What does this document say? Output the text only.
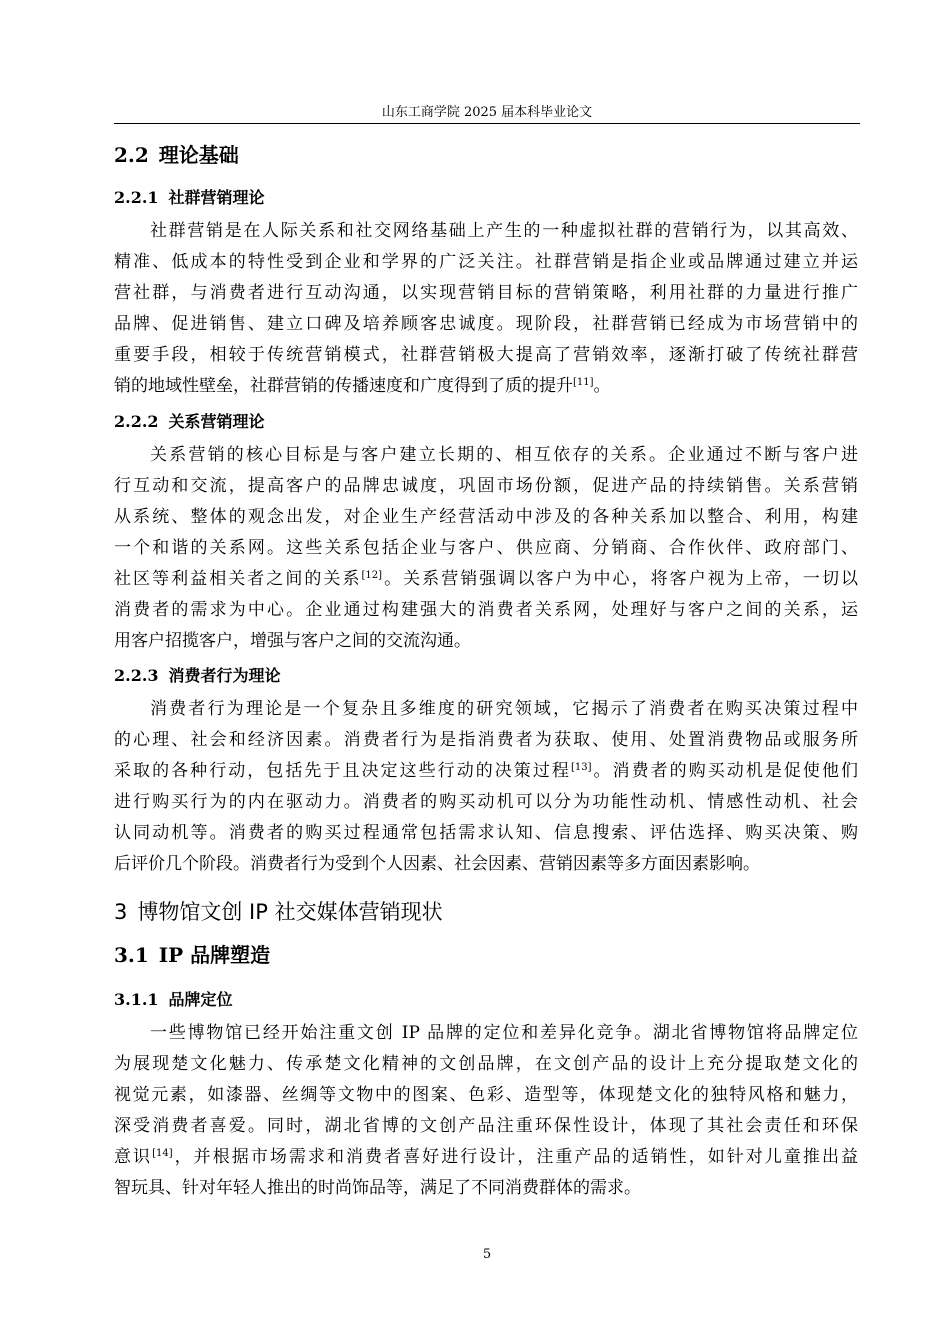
山东工商学院 2025 届本科毕业论文
2.2 理论基础
2.2.1 社群营销理论
社群营销是在人际关系和社交网络基础上产生的一种虚拟社群的营销行为，以其高效、
精准、低成本的特性受到企业和学界的广泛关注。社群营销是指企业或品牌通过建立并运
营社群，与消费者进行互动沟通，以实现营销目标的营销策略，利用社群的力量进行推广
品牌、促进销售、建立口碑及培养顾客忠诚度。现阶段，社群营销已经成为市场营销中的
重要手段，相较于传统营销模式，社群营销极大提高了营销效率，逐渐打破了传统社群营
销的地域性壁垒，社群营销的传播速度和广度得到了质的提升[11]。
2.2.2 关系营销理论
关系营销的核心目标是与客户建立长期的、相互依存的关系。企业通过不断与客户进
行互动和交流，提高客户的品牌忠诚度，巩固市场份额，促进产品的持续销售。关系营销
从系统、整体的观念出发，对企业生产经营活动中涉及的各种关系加以整合、利用，构建
一个和谐的关系网。这些关系包括企业与客户、供应商、分销商、合作伙伴、政府部门、
社区等利益相关者之间的关系[12]。关系营销强调以客户为中心，将客户视为上帝，一切以
消费者的需求为中心。企业通过构建强大的消费者关系网，处理好与客户之间的关系，运
用客户招揽客户，增强与客户之间的交流沟通。
2.2.3 消费者行为理论
消费者行为理论是一个复杂且多维度的研究领域，它揭示了消费者在购买决策过程中
的心理、社会和经济因素。消费者行为是指消费者为获取、使用、处置消费物品或服务所
采取的各种行动，包括先于且决定这些行动的决策过程[13]。消费者的购买动机是促使他们
进行购买行为的内在驱动力。消费者的购买动机可以分为功能性动机、情感性动机、社会
认同动机等。消费者的购买过程通常包括需求认知、信息搜索、评估选择、购买决策、购
后评价几个阶段。消费者行为受到个人因素、社会因素、营销因素等多方面因素影响。
3 博物馆文创 IP 社交媒体营销现状
3.1 IP 品牌塑造
3.1.1 品牌定位
一些博物馆已经开始注重文创 IP 品牌的定位和差异化竞争。湖北省博物馆将品牌定位
为展现楚文化魅力、传承楚文化精神的文创品牌，在文创产品的设计上充分提取楚文化的
视觉元素，如漆器、丝绸等文物中的图案、色彩、造型等，体现楚文化的独特风格和魅力，
深受消费者喜爱。同时，湖北省博的文创产品注重环保性设计，体现了其社会责任和环保
意识[14]，并根据市场需求和消费者喜好进行设计，注重产品的适销性，如针对儿童推出益
智玩具、针对年轻人推出的时尚饰品等，满足了不同消费群体的需求。
5
